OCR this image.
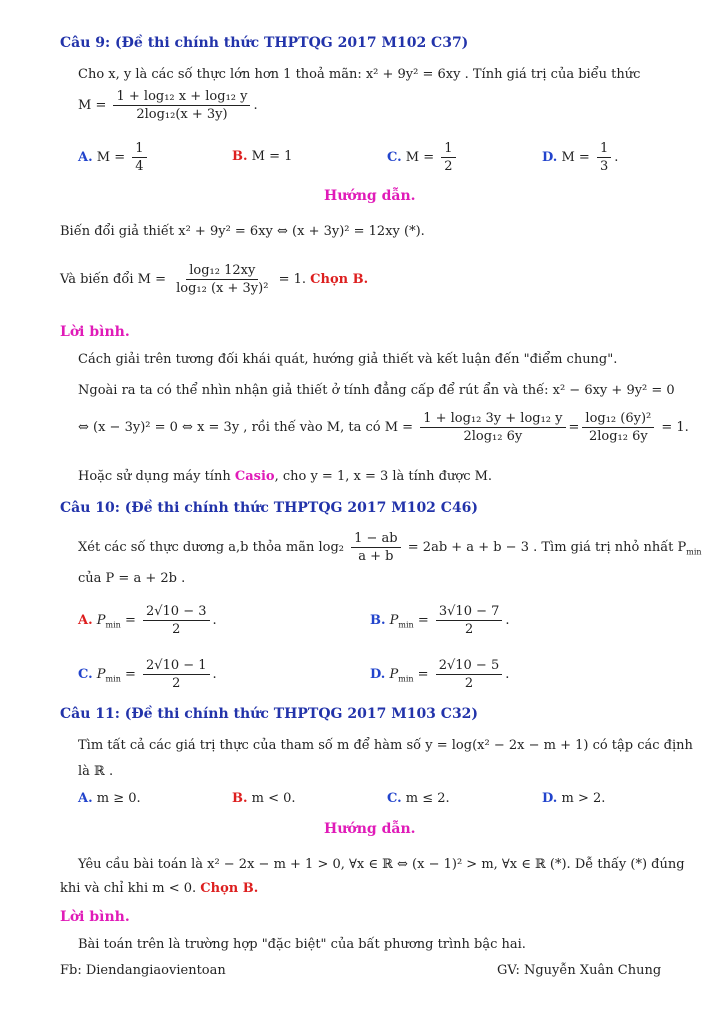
Câu 9: (Đề thi chính thức THPTQG 2017 M102 C37)
Cho x, y là các số thực lớn hơn 1 thoả mãn: x² + 9y² = 6xy . Tính giá trị của biểu thức
$M = \frac{\text{1 + log₁₂ x + log₁₂ y}}{\text{2log₁₂(x + 3y)}}$ .
A. $M = \frac{1}{4}$	B. M = 1	C. $M = \frac{1}{2}$	D. $M = \frac{1}{3}$ .
Hướng dẫn.
Biến đổi giả thiết x² + 9y² = 6xy ⇔ (x + 3y)² = 12xy (*).
Và biến đổi $M = \frac{\text{log₁₂ 12xy}}{\text{log₁₂ (x + 3y)²}} = 1$. Chọn B.
Lời bình.
Cách giải trên tương đối khái quát, hướng giả thiết và kết luận đến "điểm chung".
Ngoài ra ta có thể nhìn nhận giả thiết ở tính đẳng cấp để rút ẩn và thế: x² − 6xy + 9y² = 0
⇔ (x − 3y)² = 0 ⇔ x = 3y , rồi thế vào M, ta có $M = \frac{\text{1 + log₁₂ 3y + log₁₂ y}}{\text{2log₁₂ 6y}} = \frac{\text{log₁₂ (6y)²}}{\text{2log₁₂ 6y}} = 1$.
Hoặc sử dụng máy tính Casio, cho y = 1, x = 3 là tính được M.
Câu 10: (Đề thi chính thức THPTQG 2017 M102 C46)
Xét các số thực dương a,b thỏa mãn $\log_2 \frac{1 - ab}{a + b} = 2ab + a + b - 3$ . Tìm giá trị nhỏ nhất $P_{min}$
của P = a + 2b .
A. $P_{min} = \frac{2√10 - 3}{2}$ .	B. $P_{min} = \frac{3√10 - 7}{2}$ .
C. $P_{min} = \frac{2√10 - 1}{2}$ .	D. $P_{min} = \frac{2√10 - 5}{2}$ .
Câu 11: (Đề thi chính thức THPTQG 2017 M103 C32)
Tìm tất cả các giá trị thực của tham số m để hàm số y = log(x² − 2x − m + 1) có tập các định
là ℝ .
A. m ≥ 0.	B. m < 0.	C. m ≤ 2.	D. m > 2.
Hướng dẫn.
Yêu cầu bài toán là x² − 2x − m + 1 > 0, ∀x ∈ ℝ ⇔ (x − 1)² > m, ∀x ∈ ℝ (*). Dễ thấy (*) đúng
khi và chỉ khi m < 0. Chọn B.
Lời bình.
Bài toán trên là trường hợp "đặc biệt" của bất phương trình bậc hai.
Fb: Diendangiaovientoan	GV: Nguyễn Xuân Chung
